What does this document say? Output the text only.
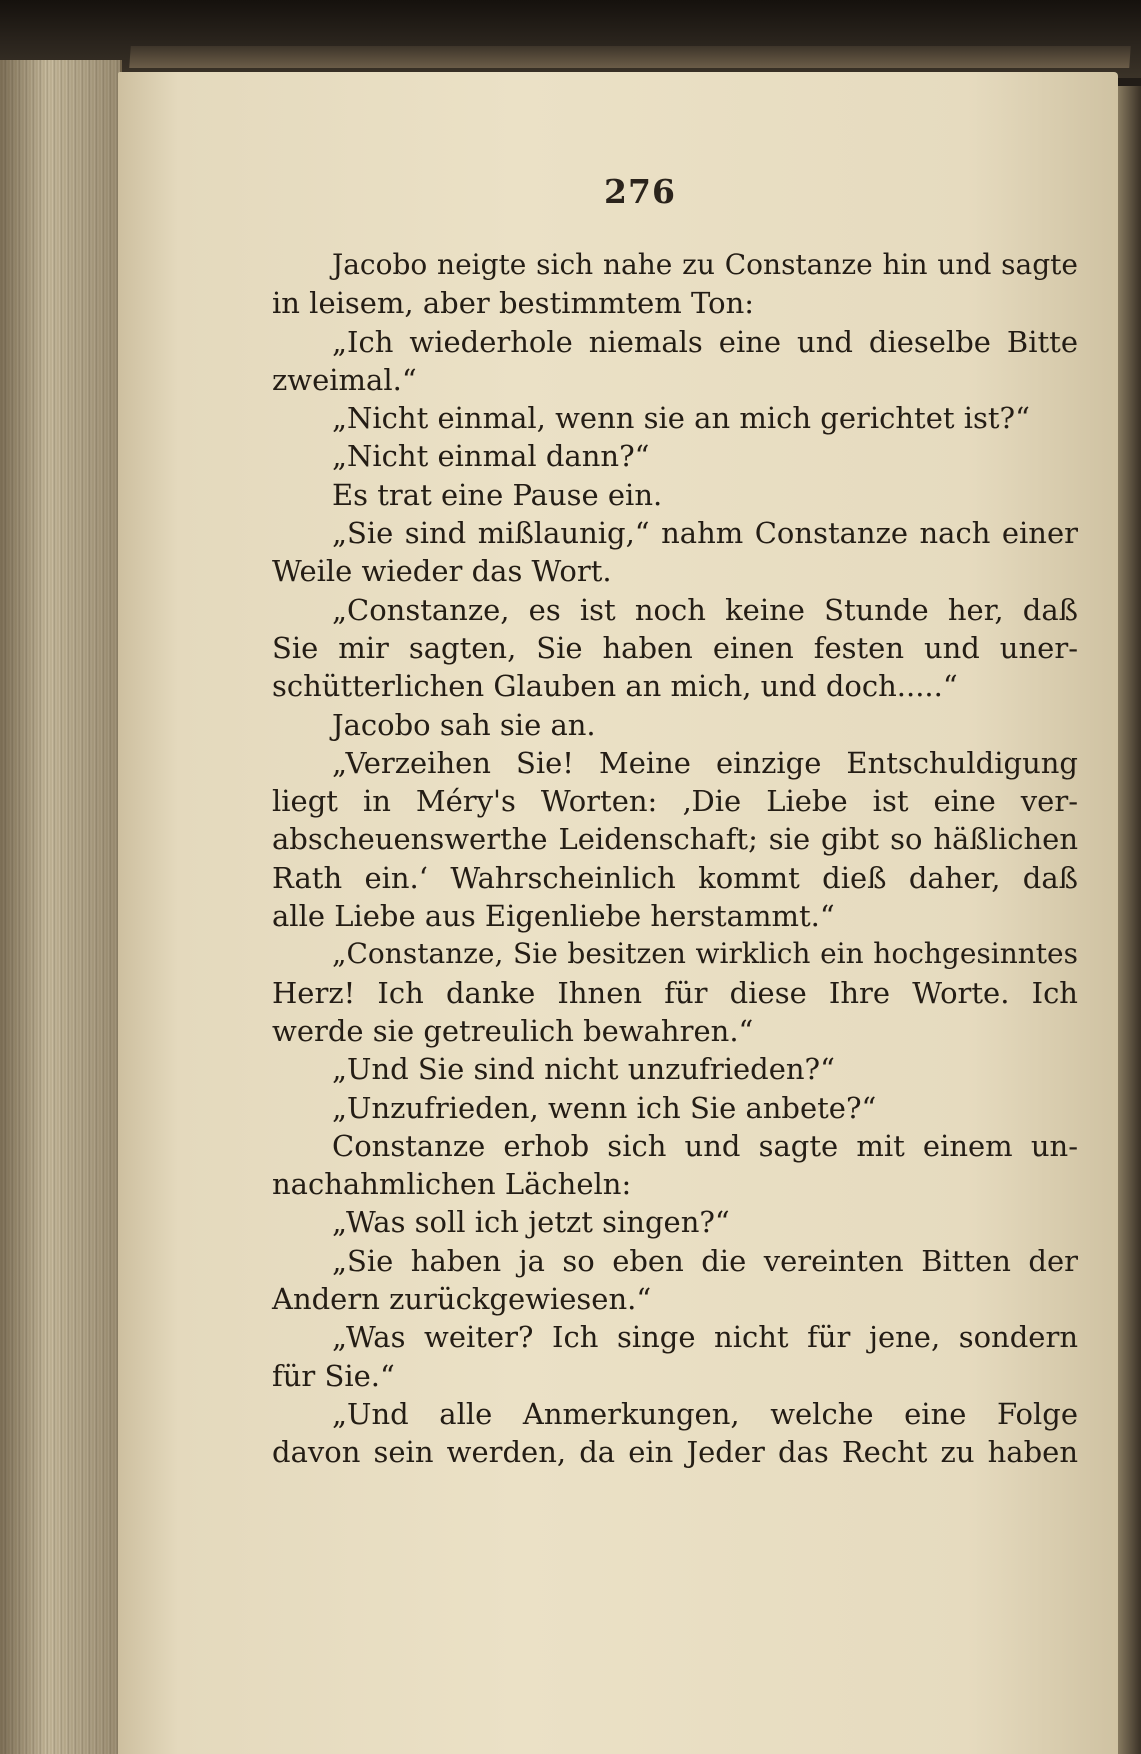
276
Jacobo neigte sich nahe zu Constanze hin und sagte
in leisem, aber bestimmtem Ton:
„Ich wiederhole niemals eine und dieselbe Bitte
zweimal.“
„Nicht einmal, wenn sie an mich gerichtet ist?“
„Nicht einmal dann?“
Es trat eine Pause ein.
„Sie sind mißlaunig,“ nahm Constanze nach einer
Weile wieder das Wort.
„Constanze, es ist noch keine Stunde her, daß
Sie mir sagten, Sie haben einen festen und uner-
schütterlichen Glauben an mich, und doch.....“
Jacobo sah sie an.
„Verzeihen Sie! Meine einzige Entschuldigung
liegt in Méry's Worten: ‚Die Liebe ist eine ver-
abscheuenswerthe Leidenschaft; sie gibt so häßlichen
Rath ein.‘ Wahrscheinlich kommt dieß daher, daß
alle Liebe aus Eigenliebe herstammt.“
„Constanze, Sie besitzen wirklich ein hochgesinntes
Herz! Ich danke Ihnen für diese Ihre Worte. Ich
werde sie getreulich bewahren.“
„Und Sie sind nicht unzufrieden?“
„Unzufrieden, wenn ich Sie anbete?“
Constanze erhob sich und sagte mit einem un-
nachahmlichen Lächeln:
„Was soll ich jetzt singen?“
„Sie haben ja so eben die vereinten Bitten der
Andern zurückgewiesen.“
„Was weiter? Ich singe nicht für jene, sondern
für Sie.“
„Und alle Anmerkungen, welche eine Folge
davon sein werden, da ein Jeder das Recht zu haben
